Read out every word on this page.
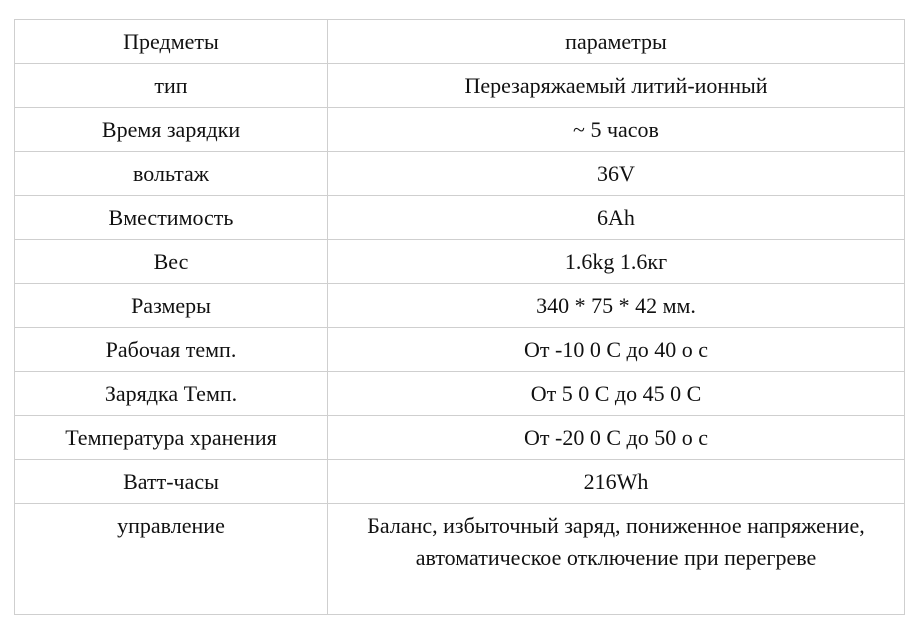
Предметы	параметры
тип	Перезаряжаемый литий-ионный
Время зарядки	~ 5 часов
вольтаж	36V
Вместимость	6Ah
Вес	1.6kg 1.6кг
Размеры	340 * 75 * 42 мм.
Рабочая темп.	От -10 0 C до 40 о с
Зарядка Темп.	От 5 0 C до 45 0 C
Температура хранения	От -20 0 C до 50 о с
Ватт-часы	216Wh
управление	Баланс, избыточный заряд, пониженное напряжение, автоматическое отключение при перегреве
